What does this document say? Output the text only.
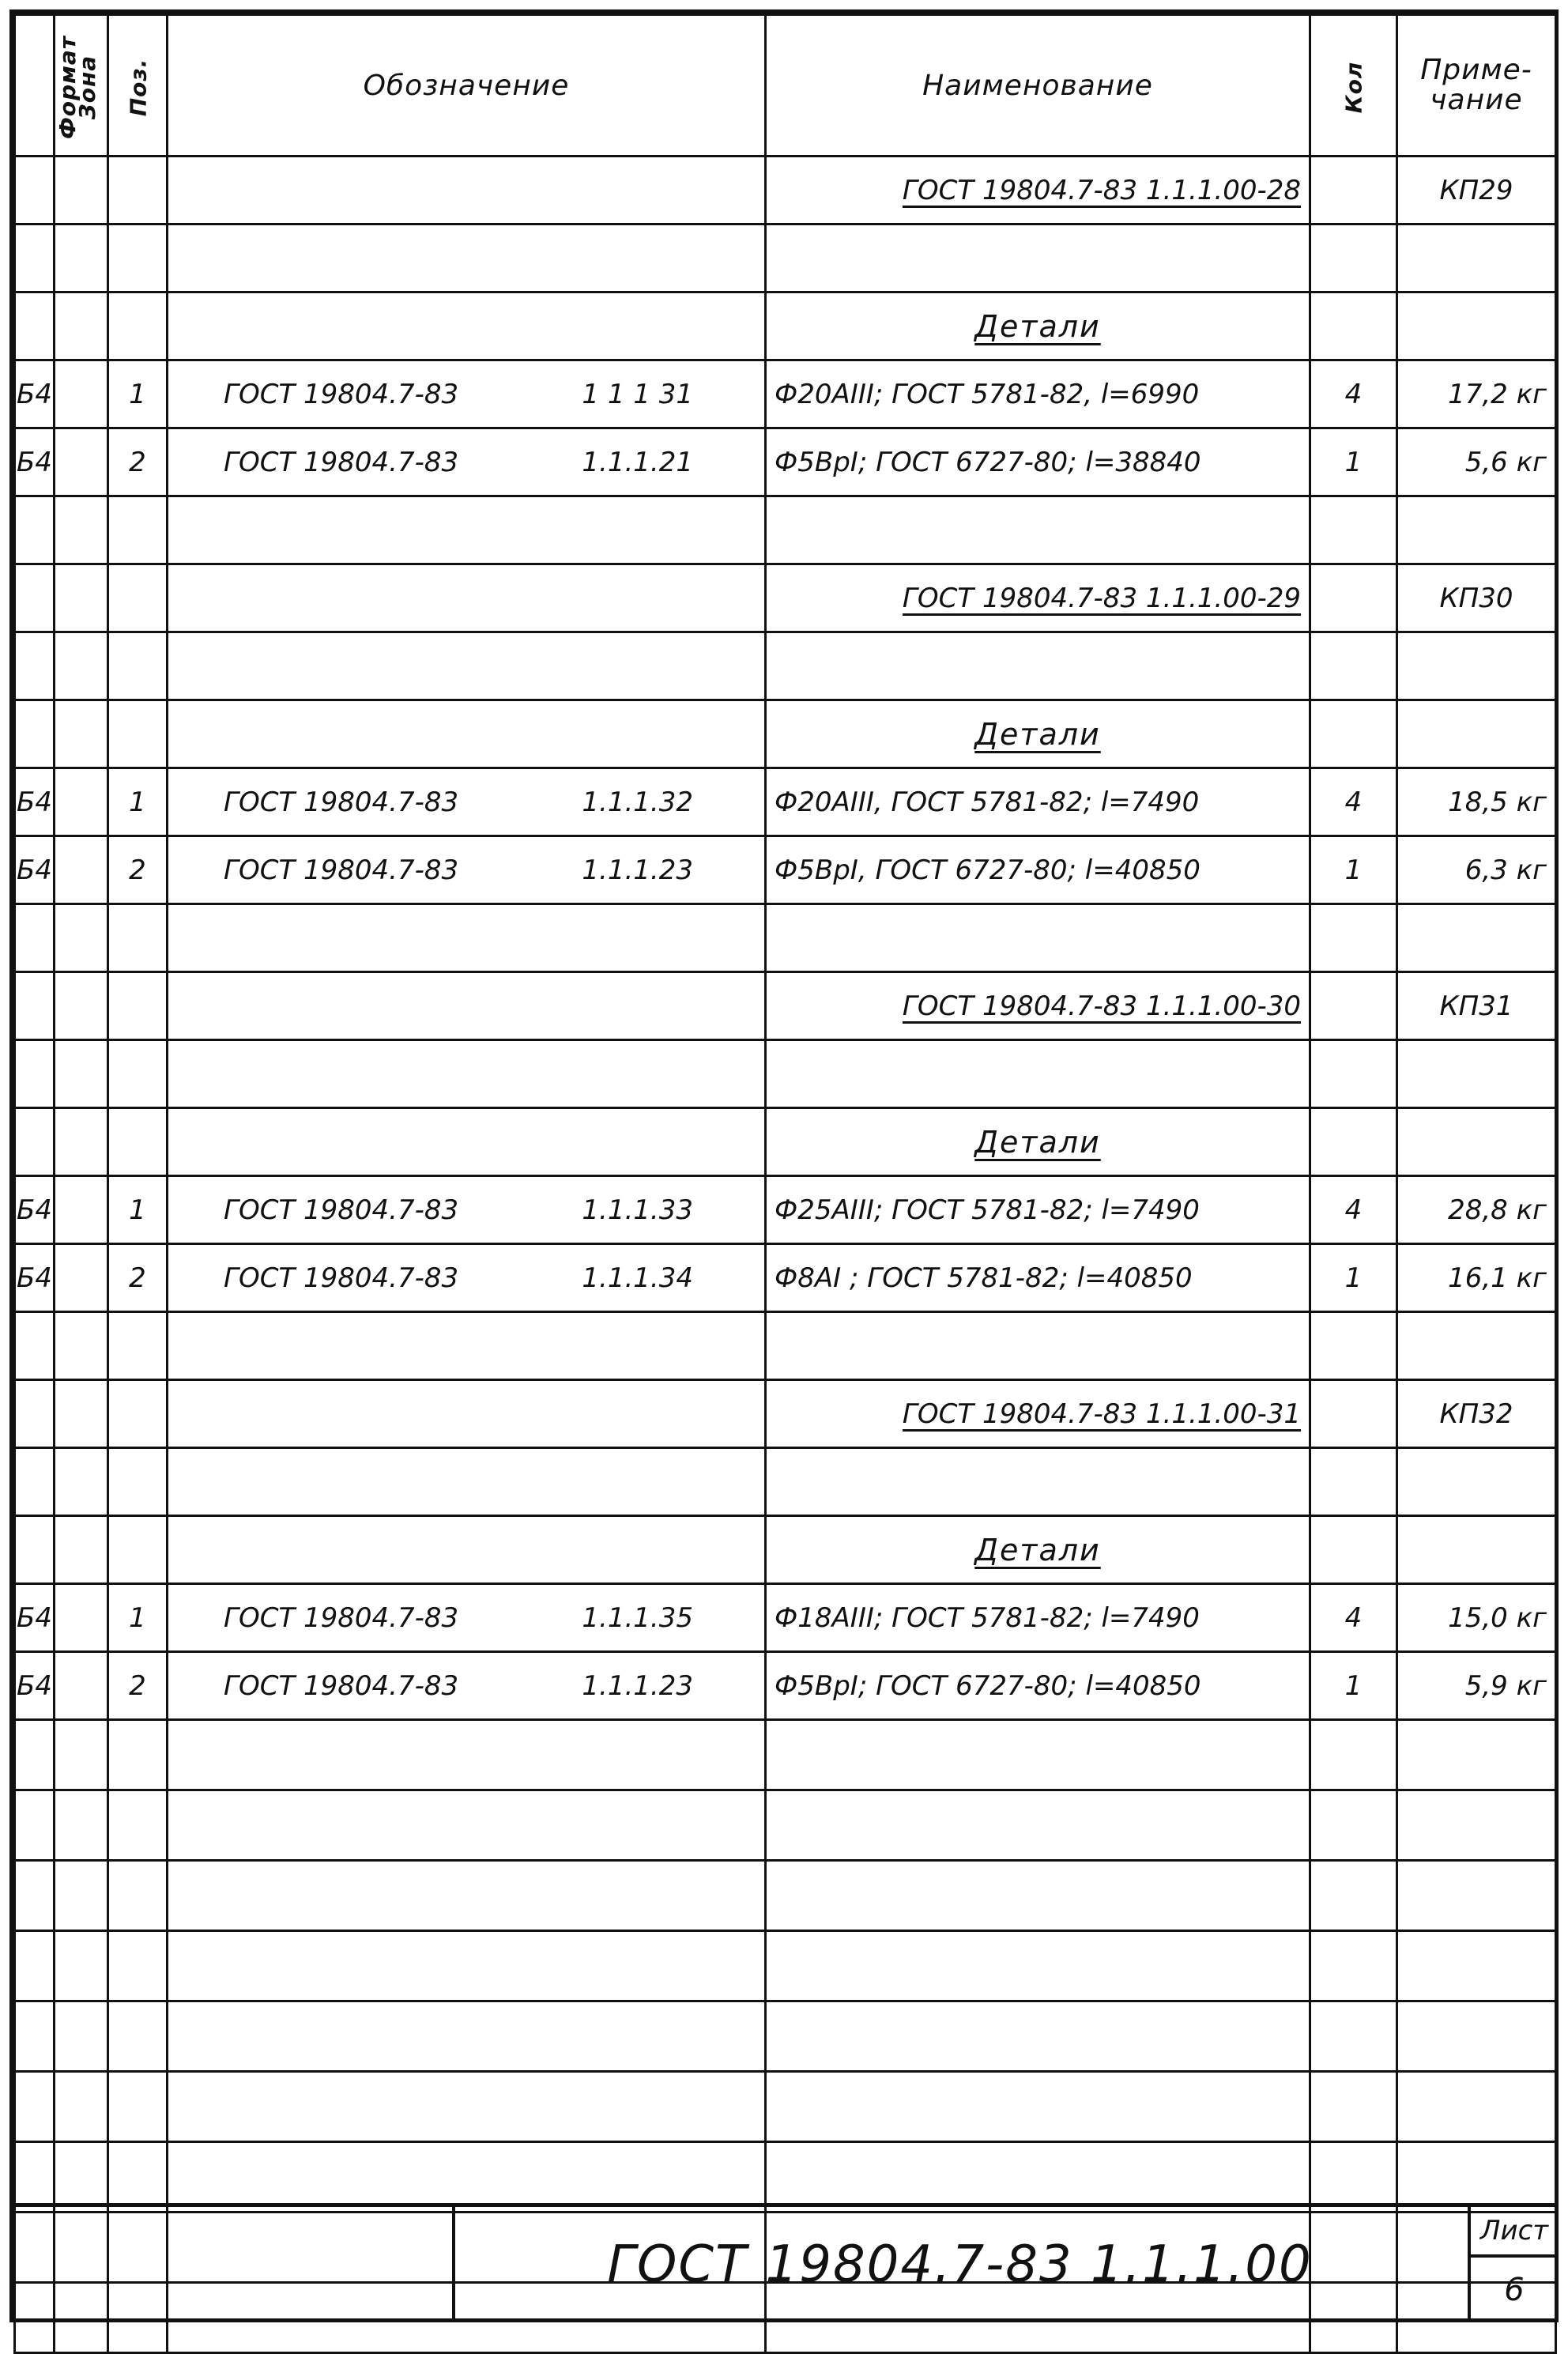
Формат	Зона	Поз.	Обозначение	Наименование	Кол	Приме-
чание
				ГОСТ 19804.7-83 1.1.1.00-28		КП29

				Детали		
Б4		1	ГОСТ 19804.7-83 1 1 1 31	Ф20АIII; ГОСТ 5781-82, l=6990	4	17,2 кг
Б4		2	ГОСТ 19804.7-83 1.1.1.21	Ф5ВрI; ГОСТ 6727-80; l=38840	1	5,6 кг

				ГОСТ 19804.7-83 1.1.1.00-29		КП30

				Детали		
Б4		1	ГОСТ 19804.7-83 1.1.1.32	Ф20АIII, ГОСТ 5781-82; l=7490	4	18,5 кг
Б4		2	ГОСТ 19804.7-83 1.1.1.23	Ф5ВрI, ГОСТ 6727-80; l=40850	1	6,3 кг

				ГОСТ 19804.7-83 1.1.1.00-30		КП31

				Детали		
Б4		1	ГОСТ 19804.7-83 1.1.1.33	Ф25АIII; ГОСТ 5781-82; l=7490	4	28,8 кг
Б4		2	ГОСТ 19804.7-83 1.1.1.34	Ф8АI ; ГОСТ 5781-82; l=40850	1	16,1 кг

				ГОСТ 19804.7-83 1.1.1.00-31		КП32

				Детали		
Б4		1	ГОСТ 19804.7-83 1.1.1.35	Ф18АIII; ГОСТ 5781-82; l=7490	4	15,0 кг
Б4		2	ГОСТ 19804.7-83 1.1.1.23	Ф5ВрI; ГОСТ 6727-80; l=40850	1	5,9 кг

ГОСТ 19804.7-83 1.1.1.00
Лист
6
